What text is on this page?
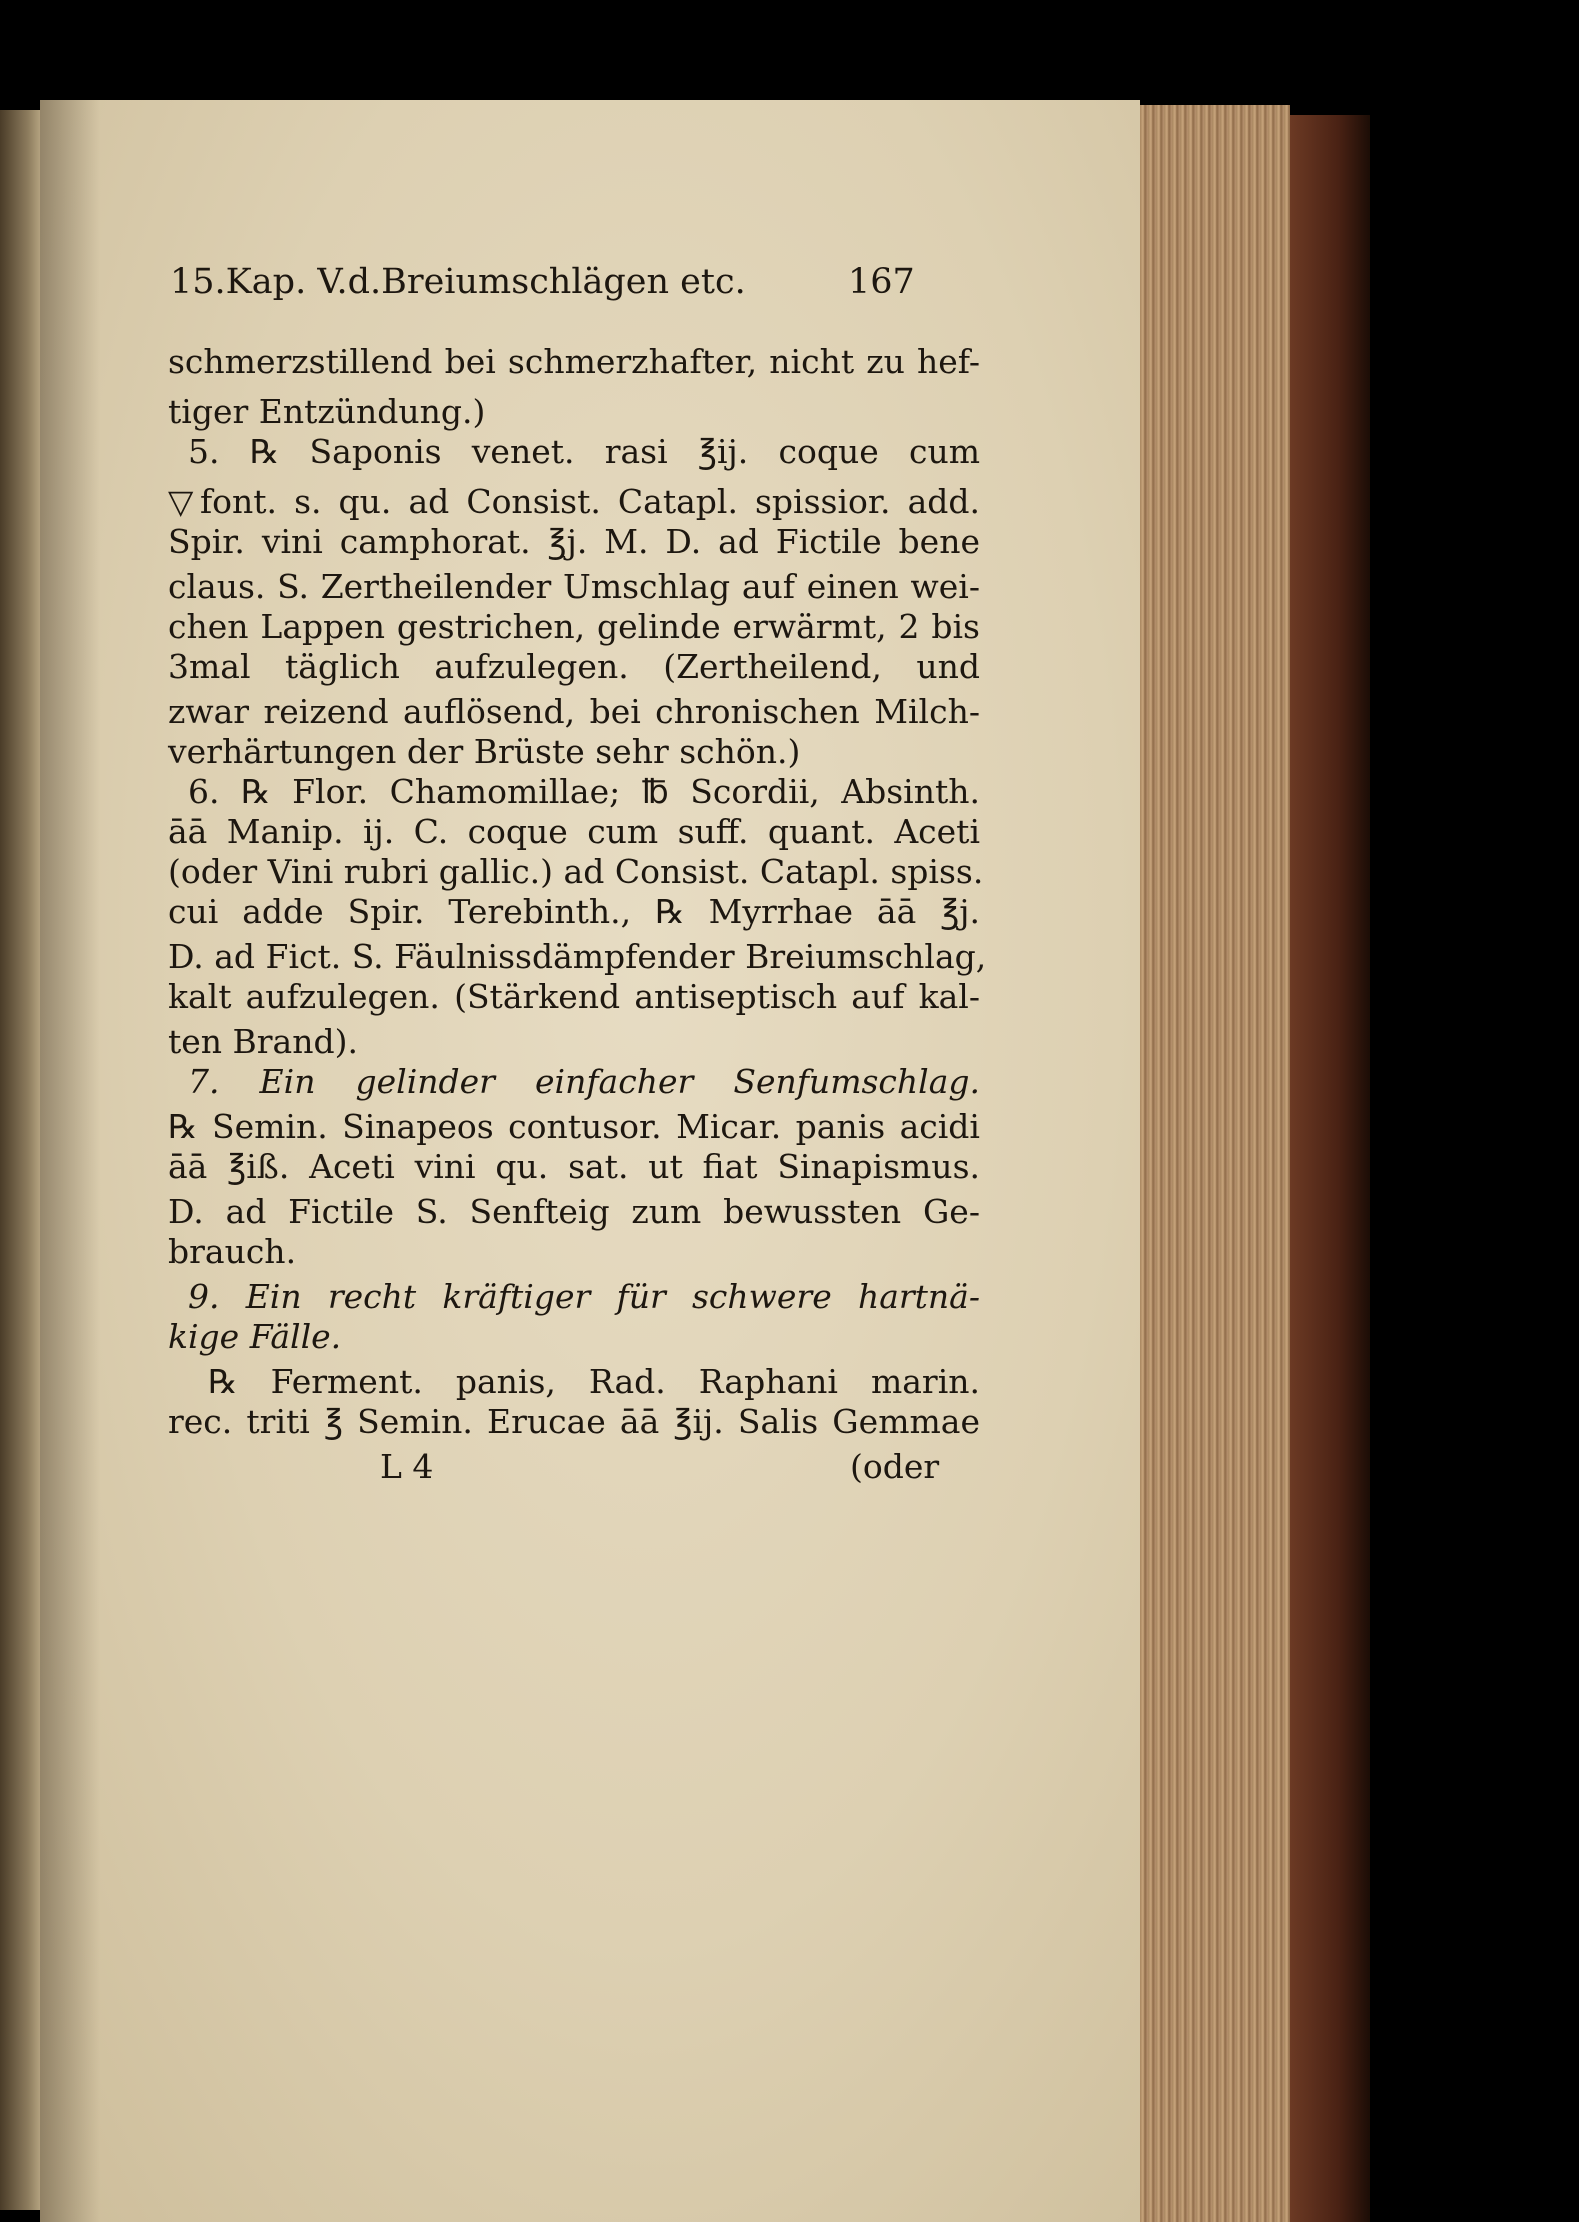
15.Kap. V.d.Breiumschlägen etc.	167
schmerzstillend bei schmerzhafter, nicht zu hef-
tiger Entzündung.)
5. ℞ Saponis venet. rasi ℥ij. coque cum
▽font. s. qu. ad Consist. Catapl. spissior. add.
Spir. vini camphorat. ℥j. M. D. ad Fictile bene
claus. S. Zertheilender Umschlag auf einen wei-
chen Lappen gestrichen, gelinde erwärmt, 2 bis
3mal täglich aufzulegen. (Zertheilend, und
zwar reizend auflösend, bei chronischen Milch-
verhärtungen der Brüste sehr schön.)
6. ℞ Flor. Chamomillae; ℔ Scordii, Absinth.
āā Manip. ij. C. coque cum suff. quant. Aceti
(oder Vini rubri gallic.) ad Consist. Catapl. spiss.
cui adde Spir. Terebinth., ℞ Myrrhae āā ℥j.
D. ad Fict. S. Fäulnissdämpfender Breiumschlag,
kalt aufzulegen. (Stärkend antiseptisch auf kal-
ten Brand).
7. Ein gelinder einfacher Senfumschlag.
℞ Semin. Sinapeos contusor. Micar. panis acidi
āā ℥iß. Aceti vini qu. sat. ut fiat Sinapismus.
D. ad Fictile S. Senfteig zum bewussten Ge-
brauch.
9. Ein recht kräftiger für schwere hartnä-
kige Fälle.
℞ Ferment. panis, Rad. Raphani marin.
rec. triti ℥ Semin. Erucae āā ℥ij. Salis Gemmae
L 4	(oder
